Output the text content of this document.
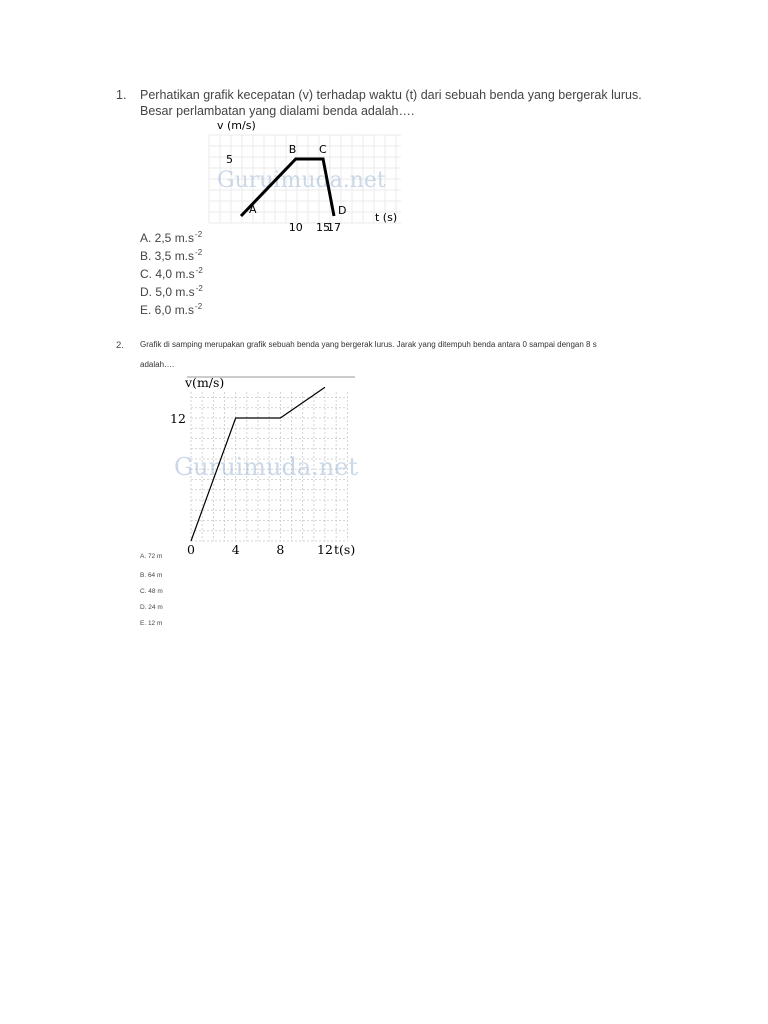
1. Perhatikan grafik kecepatan (v) terhadap waktu (t) dari sebuah benda yang bergerak lurus.
Besar perlambatan yang dialami benda adalah….
Guruimuda.net
v (m/s)
t (s)
A
B C
D
10 15
17
5
A. 2,5 $m.s^{-2}$
B. 3,5 $m.s^{-2}$
C. 4,0 $m.s^{-2}$
D. 5,0 $m.s^{-2}$
E. 6,0 $m.s^{-2}$
2. Grafik di samping merupakan grafik sebuah benda yang bergerak lurus. Jarak yang ditempuh benda antara 0 sampai dengan 8 s
adalah….
Guruimuda.net
v(m/s)
t(s)
0	4	8	12
12
A. 72 m
B. 64 m
C. 48 m
D. 24 m
E. 12 m
